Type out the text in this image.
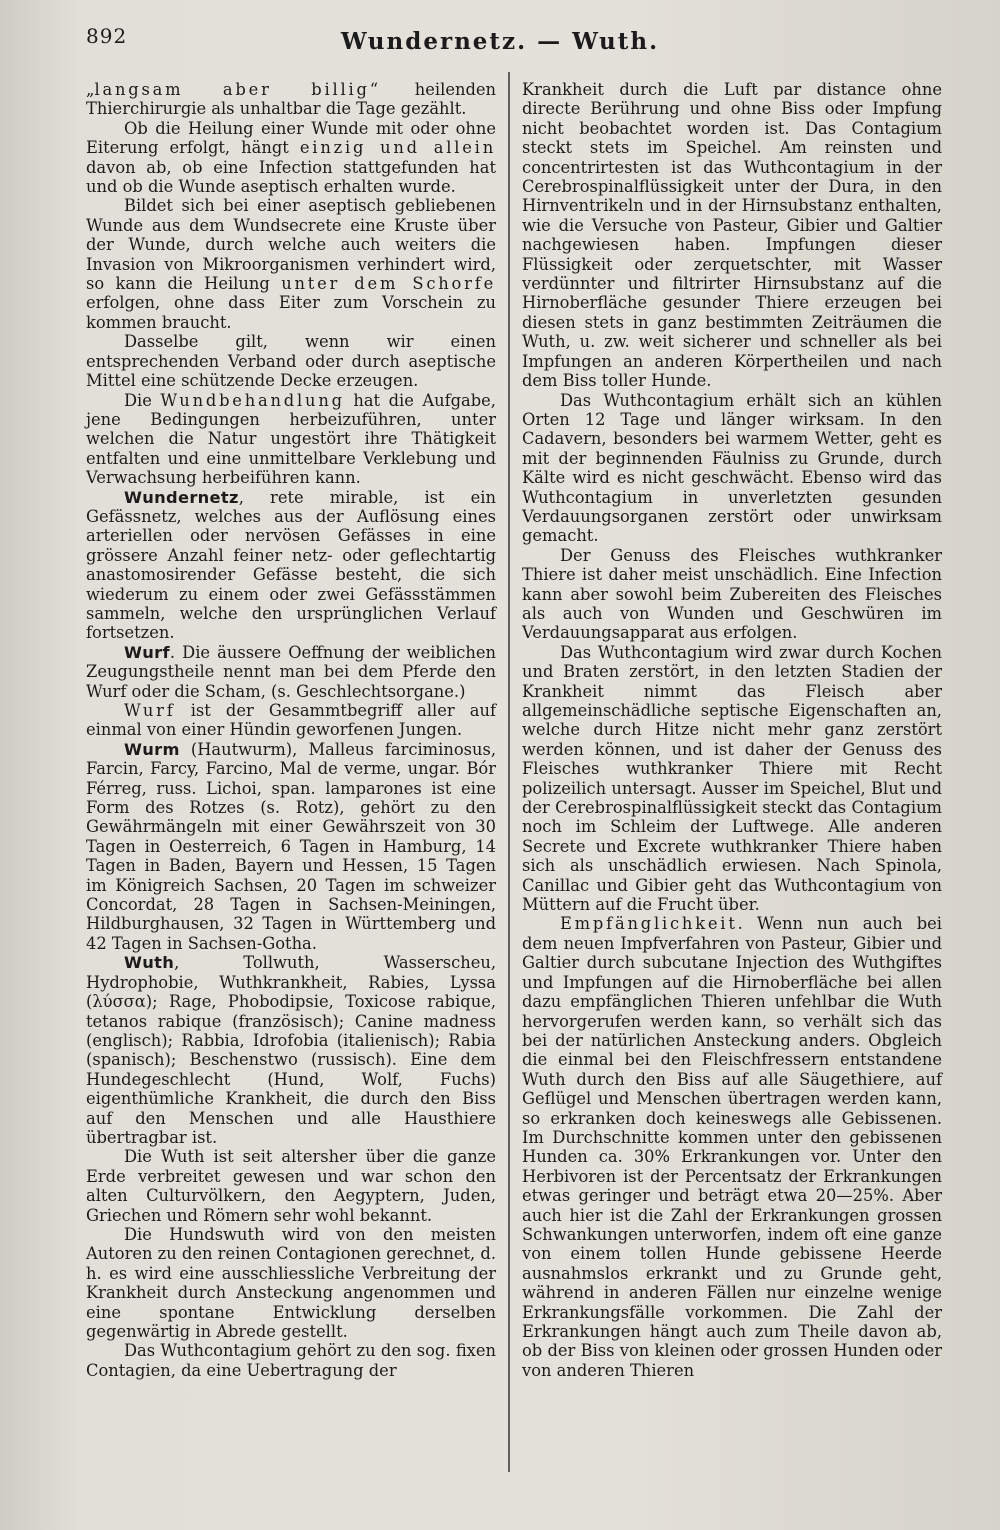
892	Wundernetz. — Wuth.

„langsam aber billig“ heilenden Thierchirurgie als unhaltbar die Tage gezählt.

Ob die Heilung einer Wunde mit oder ohne Eiterung erfolgt, hängt einzig und allein davon ab, ob eine Infection stattgefunden hat und ob die Wunde aseptisch erhalten wurde.

Bildet sich bei einer aseptisch gebliebenen Wunde aus dem Wundsecrete eine Kruste über der Wunde, durch welche auch weiters die Invasion von Mikroorganismen verhindert wird, so kann die Heilung unter dem Schorfe erfolgen, ohne dass Eiter zum Vorschein zu kommen braucht.

Dasselbe gilt, wenn wir einen entsprechenden Verband oder durch aseptische Mittel eine schützende Decke erzeugen.

Die Wundbehandlung hat die Aufgabe, jene Bedingungen herbeizuführen, unter welchen die Natur ungestört ihre Thätigkeit entfalten und eine unmittelbare Verklebung und Verwachsung herbeiführen kann.

Wundernetz, rete mirable, ist ein Gefässnetz, welches aus der Auflösung eines arteriellen oder nervösen Gefässes in eine grössere Anzahl feiner netz- oder geflechtartig anastomosirender Gefässe besteht, die sich wiederum zu einem oder zwei Gefässstämmen sammeln, welche den ursprünglichen Verlauf fortsetzen.

Wurf. Die äussere Oeffnung der weiblichen Zeugungstheile nennt man bei dem Pferde den Wurf oder die Scham, (s. Geschlechtsorgane.)

Wurf ist der Gesammtbegriff aller auf einmal von einer Hündin geworfenen Jungen.

Wurm (Hautwurm), Malleus farciminosus, Farcin, Farcy, Farcino, Mal de verme, ungar. Bór Férreg, russ. Lichoi, span. lamparones ist eine Form des Rotzes (s. Rotz), gehört zu den Gewährmängeln mit einer Gewährszeit von 30 Tagen in Oesterreich, 6 Tagen in Hamburg, 14 Tagen in Baden, Bayern und Hessen, 15 Tagen im Königreich Sachsen, 20 Tagen im schweizer Concordat, 28 Tagen in Sachsen-Meiningen, Hildburghausen, 32 Tagen in Württemberg und 42 Tagen in Sachsen-Gotha.

Wuth, Tollwuth, Wasserscheu, Hydrophobie, Wuthkrankheit, Rabies, Lyssa (λύσσα); Rage, Phobodipsie, Toxicose rabique, tetanos rabique (französisch); Canine madness (englisch); Rabbia, Idrofobia (italienisch); Rabia (spanisch); Beschenstwo (russisch). Eine dem Hundegeschlecht (Hund, Wolf, Fuchs) eigenthümliche Krankheit, die durch den Biss auf den Menschen und alle Hausthiere übertragbar ist.

Die Wuth ist seit altersher über die ganze Erde verbreitet gewesen und war schon den alten Culturvölkern, den Aegyptern, Juden, Griechen und Römern sehr wohl bekannt.

Die Hundswuth wird von den meisten Autoren zu den reinen Contagionen gerechnet, d. h. es wird eine ausschliessliche Verbreitung der Krankheit durch Ansteckung angenommen und eine spontane Entwicklung derselben gegenwärtig in Abrede gestellt.

Das Wuthcontagium gehört zu den sog. fixen Contagien, da eine Uebertragung der

Krankheit durch die Luft par distance ohne directe Berührung und ohne Biss oder Impfung nicht beobachtet worden ist. Das Contagium steckt stets im Speichel. Am reinsten und concentrirtesten ist das Wuthcontagium in der Cerebrospinalflüssigkeit unter der Dura, in den Hirnventrikeln und in der Hirnsubstanz enthalten, wie die Versuche von Pasteur, Gibier und Galtier nachgewiesen haben. Impfungen dieser Flüssigkeit oder zerquetschter, mit Wasser verdünnter und filtrirter Hirnsubstanz auf die Hirnoberfläche gesunder Thiere erzeugen bei diesen stets in ganz bestimmten Zeiträumen die Wuth, u. zw. weit sicherer und schneller als bei Impfungen an anderen Körpertheilen und nach dem Biss toller Hunde.

Das Wuthcontagium erhält sich an kühlen Orten 12 Tage und länger wirksam. In den Cadavern, besonders bei warmem Wetter, geht es mit der beginnenden Fäulniss zu Grunde, durch Kälte wird es nicht geschwächt. Ebenso wird das Wuthcontagium in unverletzten gesunden Verdauungsorganen zerstört oder unwirksam gemacht.

Der Genuss des Fleisches wuthkranker Thiere ist daher meist unschädlich. Eine Infection kann aber sowohl beim Zubereiten des Fleisches als auch von Wunden und Geschwüren im Verdauungsapparat aus erfolgen.

Das Wuthcontagium wird zwar durch Kochen und Braten zerstört, in den letzten Stadien der Krankheit nimmt das Fleisch aber allgemeinschädliche septische Eigenschaften an, welche durch Hitze nicht mehr ganz zerstört werden können, und ist daher der Genuss des Fleisches wuthkranker Thiere mit Recht polizeilich untersagt. Ausser im Speichel, Blut und der Cerebrospinalflüssigkeit steckt das Contagium noch im Schleim der Luftwege. Alle anderen Secrete und Excrete wuthkranker Thiere haben sich als unschädlich erwiesen. Nach Spinola, Canillac und Gibier geht das Wuthcontagium von Müttern auf die Frucht über.

Empfänglichkeit. Wenn nun auch bei dem neuen Impfverfahren von Pasteur, Gibier und Galtier durch subcutane Injection des Wuthgiftes und Impfungen auf die Hirnoberfläche bei allen dazu empfänglichen Thieren unfehlbar die Wuth hervorgerufen werden kann, so verhält sich das bei der natürlichen Ansteckung anders. Obgleich die einmal bei den Fleischfressern entstandene Wuth durch den Biss auf alle Säugethiere, auf Geflügel und Menschen übertragen werden kann, so erkranken doch keineswegs alle Gebissenen. Im Durchschnitte kommen unter den gebissenen Hunden ca. 30% Erkrankungen vor. Unter den Herbivoren ist der Percentsatz der Erkrankungen etwas geringer und beträgt etwa 20—25%. Aber auch hier ist die Zahl der Erkrankungen grossen Schwankungen unterworfen, indem oft eine ganze von einem tollen Hunde gebissene Heerde ausnahmslos erkrankt und zu Grunde geht, während in anderen Fällen nur einzelne wenige Erkrankungsfälle vorkommen. Die Zahl der Erkrankungen hängt auch zum Theile davon ab, ob der Biss von kleinen oder grossen Hunden oder von anderen Thieren
